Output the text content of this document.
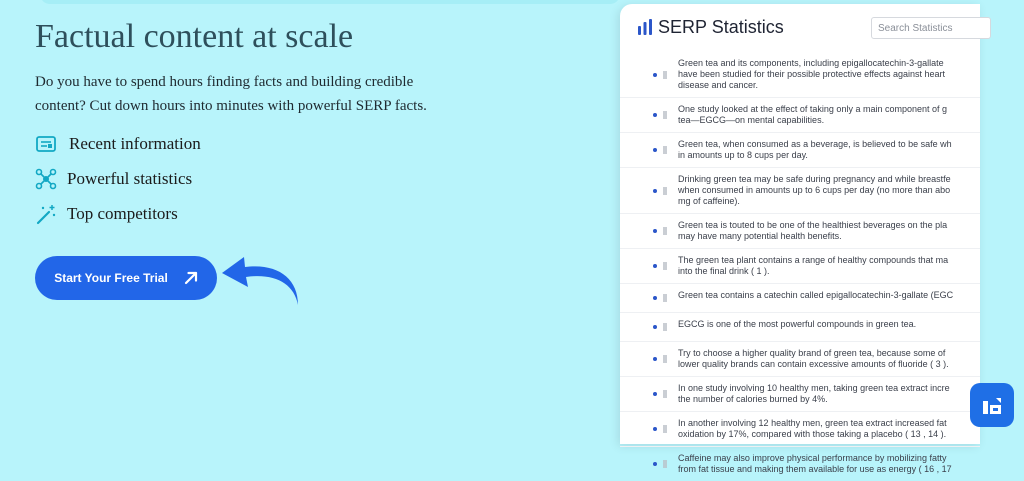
Factual content at scale

Do you have to spend hours finding facts and building credible content? Cut down hours into minutes with powerful SERP facts.

Recent information
Powerful statistics
Top competitors
Start Your Free Trial
SERP Statistics
Search Statistics
Green tea and its components, including epigallocatechin-3-gallate
have been studied for their possible protective effects against heart
disease and cancer.
One study looked at the effect of taking only a main component of g
tea—EGCG—on mental capabilities.
Green tea, when consumed as a beverage, is believed to be safe wh
in amounts up to 8 cups per day.
Drinking green tea may be safe during pregnancy and while breastfe
when consumed in amounts up to 6 cups per day (no more than abo
mg of caffeine).
Green tea is touted to be one of the healthiest beverages on the pla
may have many potential health benefits.
The green tea plant contains a range of healthy compounds that ma
into the final drink ( 1 ).
Green tea contains a catechin called epigallocatechin-3-gallate (EGC
EGCG is one of the most powerful compounds in green tea.
Try to choose a higher quality brand of green tea, because some of
lower quality brands can contain excessive amounts of fluoride ( 3 ).
In one study involving 10 healthy men, taking green tea extract incre
the number of calories burned by 4%.
In another involving 12 healthy men, green tea extract increased fat
oxidation by 17%, compared with those taking a placebo ( 13 , 14 ).
Caffeine may also improve physical performance by mobilizing fatty
from fat tissue and making them available for use as energy ( 16 , 17
